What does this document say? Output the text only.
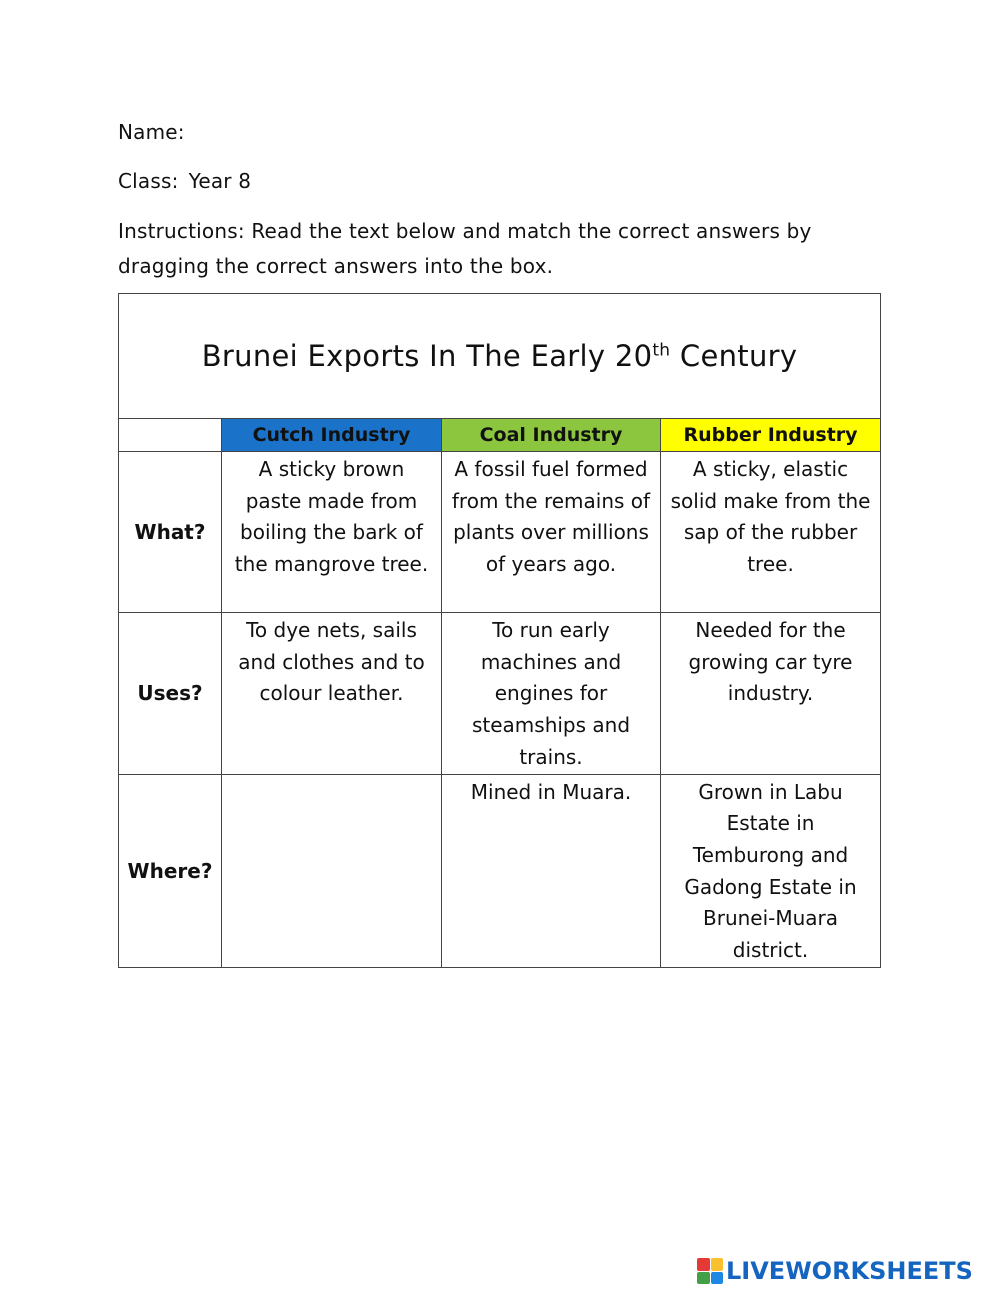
Name:
Class: Year 8
Instructions: Read the text below and match the correct answers by dragging the correct answers into the box.
Brunei Exports In The Early 20th Century			
	Cutch Industry	Coal Industry	Rubber Industry
What?	A sticky brown paste made from boiling the bark of the mangrove tree.	A fossil fuel formed from the remains of plants over millions of years ago.	A sticky, elastic solid make from the sap of the rubber tree.

Uses?	To dye nets, sails and clothes and to colour leather.	To run early machines and engines for steamships and trains.	Needed for the growing car tyre industry.

Where?		Mined in Muara.	Grown in Labu Estate in Temburong and Gadong Estate in Brunei-Muara district.
LIVEWORKSHEETS
